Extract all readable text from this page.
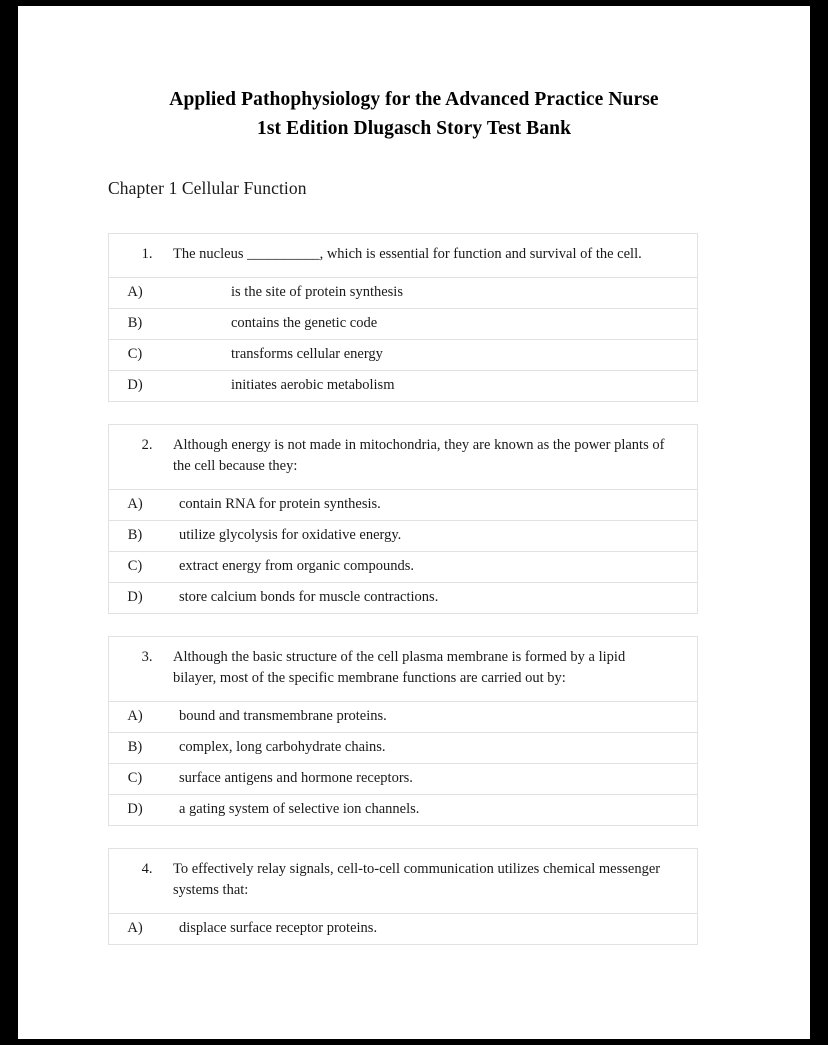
Applied Pathophysiology for the Advanced Practice Nurse
1st Edition Dlugasch Story Test Bank
Chapter 1 Cellular Function
1.	The nucleus __________, which is essential for function and survival of the cell.
A)	is the site of protein synthesis
B)	contains the genetic code
C)	transforms cellular energy
D)	initiates aerobic metabolism
2.	Although energy is not made in mitochondria, they are known as the power plants of the cell because they:
A)	contain RNA for protein synthesis.
B)	utilize glycolysis for oxidative energy.
C)	extract energy from organic compounds.
D)	store calcium bonds for muscle contractions.
3.	Although the basic structure of the cell plasma membrane is formed by a lipid bilayer, most of the specific membrane functions are carried out by:
A)	bound and transmembrane proteins.
B)	complex, long carbohydrate chains.
C)	surface antigens and hormone receptors.
D)	a gating system of selective ion channels.
4.	To effectively relay signals, cell-to-cell communication utilizes chemical messenger systems that:
A)	displace surface receptor proteins.
